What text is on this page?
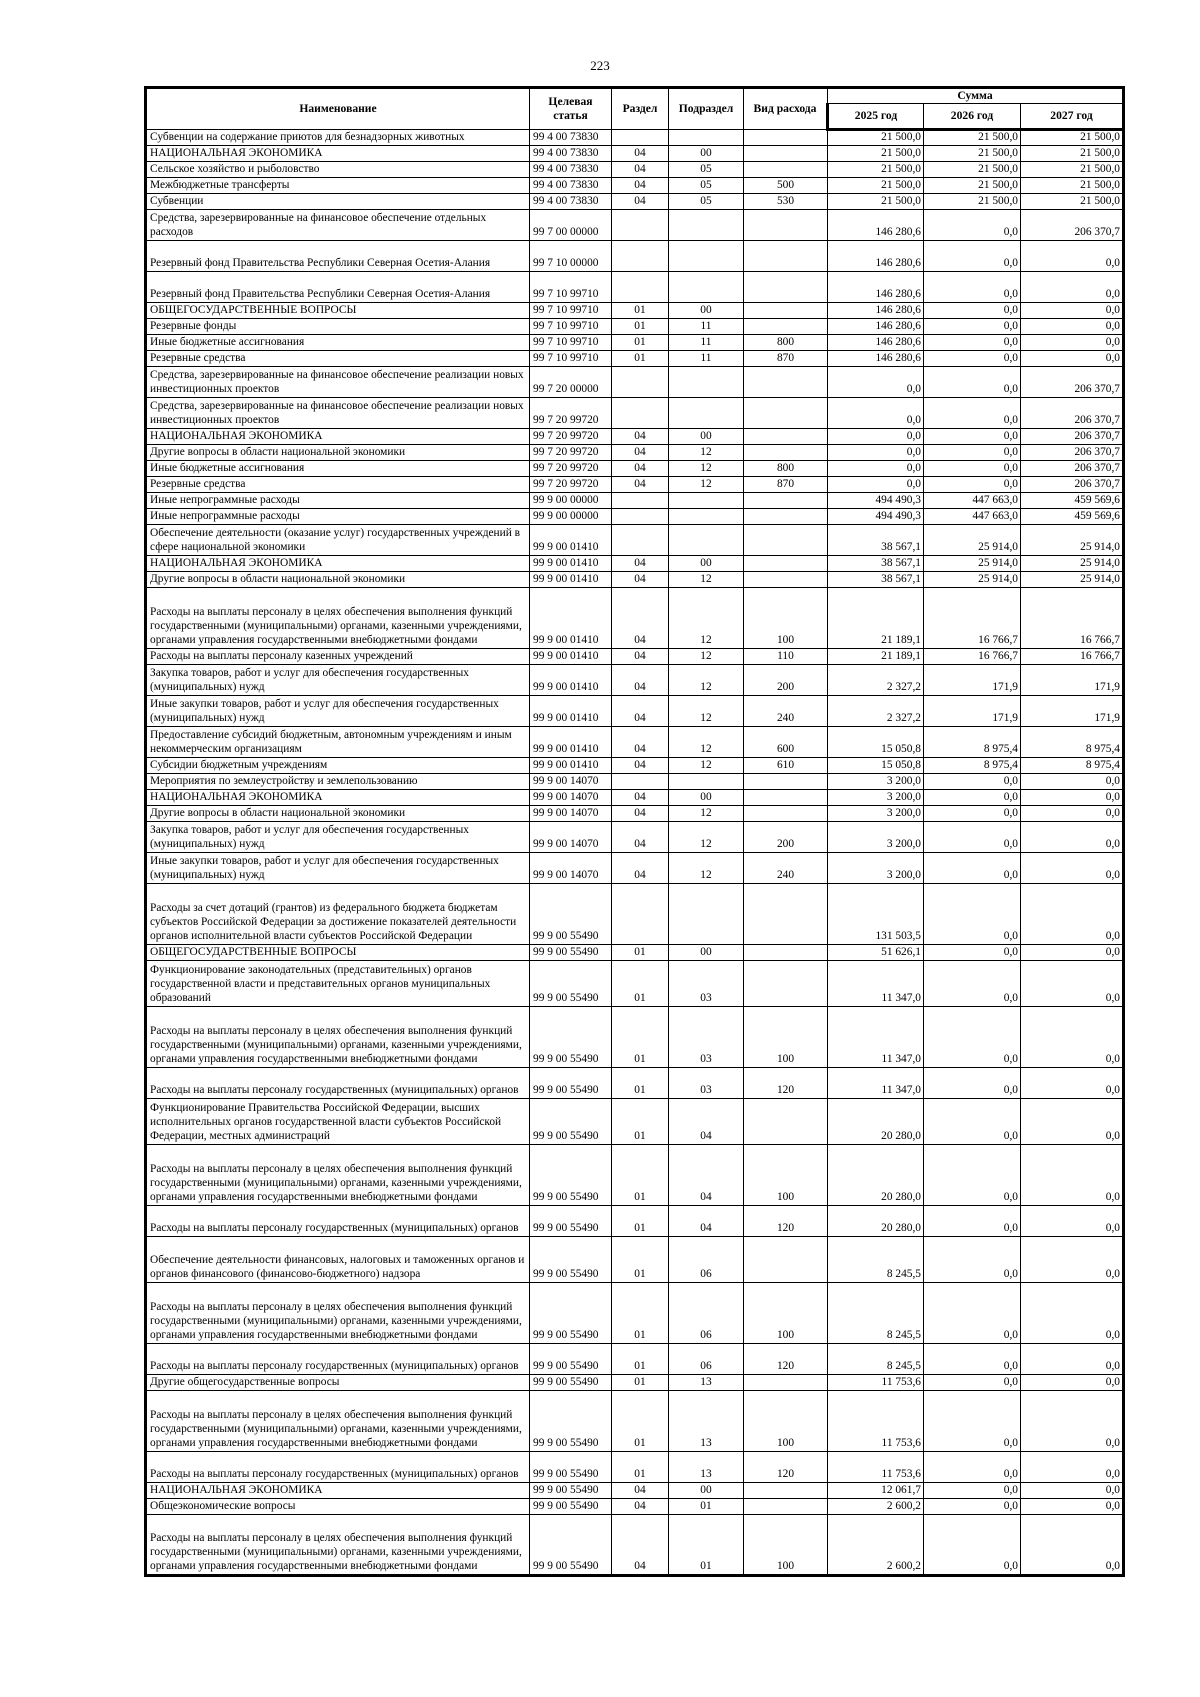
223
Наименование	Целевая статья	Раздел	Подраздел	Вид расхода	Сумма		
					2025 год	2026 год	2027 год
Субвенции на содержание приютов для безнадзорных животных	99 4 00 73830				21 500,0	21 500,0	21 500,0
НАЦИОНАЛЬНАЯ ЭКОНОМИКА	99 4 00 73830	04	00		21 500,0	21 500,0	21 500,0
Сельское хозяйство и рыболовство	99 4 00 73830	04	05		21 500,0	21 500,0	21 500,0
Межбюджетные трансферты	99 4 00 73830	04	05	500	21 500,0	21 500,0	21 500,0
Субвенции	99 4 00 73830	04	05	530	21 500,0	21 500,0	21 500,0
Средства, зарезервированные на финансовое обеспечение отдельных расходов	99 7 00 00000				146 280,6	0,0	206 370,7
Резервный фонд Правительства Республики Северная Осетия-Алания	99 7 10 00000				146 280,6	0,0	0,0
Резервный фонд Правительства Республики Северная Осетия-Алания	99 7 10 99710				146 280,6	0,0	0,0
ОБЩЕГОСУДАРСТВЕННЫЕ ВОПРОСЫ	99 7 10 99710	01	00		146 280,6	0,0	0,0
Резервные фонды	99 7 10 99710	01	11		146 280,6	0,0	0,0
Иные бюджетные ассигнования	99 7 10 99710	01	11	800	146 280,6	0,0	0,0
Резервные средства	99 7 10 99710	01	11	870	146 280,6	0,0	0,0
Средства, зарезервированные на финансовое обеспечение реализации новых инвестиционных проектов	99 7 20 00000				0,0	0,0	206 370,7
Средства, зарезервированные на финансовое обеспечение реализации новых инвестиционных проектов	99 7 20 99720				0,0	0,0	206 370,7
НАЦИОНАЛЬНАЯ ЭКОНОМИКА	99 7 20 99720	04	00		0,0	0,0	206 370,7
Другие вопросы в области национальной экономики	99 7 20 99720	04	12		0,0	0,0	206 370,7
Иные бюджетные ассигнования	99 7 20 99720	04	12	800	0,0	0,0	206 370,7
Резервные средства	99 7 20 99720	04	12	870	0,0	0,0	206 370,7
Иные непрограммные расходы	99 9 00 00000				494 490,3	447 663,0	459 569,6
Иные непрограммные расходы	99 9 00 00000				494 490,3	447 663,0	459 569,6
Обеспечение деятельности (оказание услуг) государственных учреждений в сфере национальной экономики	99 9 00 01410				38 567,1	25 914,0	25 914,0
НАЦИОНАЛЬНАЯ ЭКОНОМИКА	99 9 00 01410	04	00		38 567,1	25 914,0	25 914,0
Другие вопросы в области национальной экономики	99 9 00 01410	04	12		38 567,1	25 914,0	25 914,0
Расходы на выплаты персоналу в целях обеспечения выполнения функций государственными (муниципальными) органами, казенными учреждениями, органами управления государственными внебюджетными фондами	99 9 00 01410	04	12	100	21 189,1	16 766,7	16 766,7
Расходы на выплаты персоналу казенных учреждений	99 9 00 01410	04	12	110	21 189,1	16 766,7	16 766,7
Закупка товаров, работ и услуг для обеспечения государственных (муниципальных) нужд	99 9 00 01410	04	12	200	2 327,2	171,9	171,9
Иные закупки товаров, работ и услуг для обеспечения государственных (муниципальных) нужд	99 9 00 01410	04	12	240	2 327,2	171,9	171,9
Предоставление субсидий бюджетным, автономным учреждениям и иным некоммерческим организациям	99 9 00 01410	04	12	600	15 050,8	8 975,4	8 975,4
Субсидии бюджетным учреждениям	99 9 00 01410	04	12	610	15 050,8	8 975,4	8 975,4
Мероприятия по землеустройству и землепользованию	99 9 00 14070				3 200,0	0,0	0,0
НАЦИОНАЛЬНАЯ ЭКОНОМИКА	99 9 00 14070	04	00		3 200,0	0,0	0,0
Другие вопросы в области национальной экономики	99 9 00 14070	04	12		3 200,0	0,0	0,0
Закупка товаров, работ и услуг для обеспечения государственных (муниципальных) нужд	99 9 00 14070	04	12	200	3 200,0	0,0	0,0
Иные закупки товаров, работ и услуг для обеспечения государственных (муниципальных) нужд	99 9 00 14070	04	12	240	3 200,0	0,0	0,0
Расходы за счет дотаций (грантов) из федерального бюджета бюджетам субъектов Российской Федерации за достижение показателей деятельности органов исполнительной власти субъектов Российской Федерации	99 9 00 55490				131 503,5	0,0	0,0
ОБЩЕГОСУДАРСТВЕННЫЕ ВОПРОСЫ	99 9 00 55490	01	00		51 626,1	0,0	0,0
Функционирование законодательных (представительных) органов государственной власти и представительных органов муниципальных образований	99 9 00 55490	01	03		11 347,0	0,0	0,0
Расходы на выплаты персоналу в целях обеспечения выполнения функций государственными (муниципальными) органами, казенными учреждениями, органами управления государственными внебюджетными фондами	99 9 00 55490	01	03	100	11 347,0	0,0	0,0
Расходы на выплаты персоналу государственных (муниципальных) органов	99 9 00 55490	01	03	120	11 347,0	0,0	0,0
Функционирование Правительства Российской Федерации, высших исполнительных органов государственной власти субъектов Российской Федерации, местных администраций	99 9 00 55490	01	04		20 280,0	0,0	0,0
Расходы на выплаты персоналу в целях обеспечения выполнения функций государственными (муниципальными) органами, казенными учреждениями, органами управления государственными внебюджетными фондами	99 9 00 55490	01	04	100	20 280,0	0,0	0,0
Расходы на выплаты персоналу государственных (муниципальных) органов	99 9 00 55490	01	04	120	20 280,0	0,0	0,0
Обеспечение деятельности финансовых, налоговых и таможенных органов и органов финансового (финансово-бюджетного) надзора	99 9 00 55490	01	06		8 245,5	0,0	0,0
Расходы на выплаты персоналу в целях обеспечения выполнения функций государственными (муниципальными) органами, казенными учреждениями, органами управления государственными внебюджетными фондами	99 9 00 55490	01	06	100	8 245,5	0,0	0,0
Расходы на выплаты персоналу государственных (муниципальных) органов	99 9 00 55490	01	06	120	8 245,5	0,0	0,0
Другие общегосударственные вопросы	99 9 00 55490	01	13		11 753,6	0,0	0,0
Расходы на выплаты персоналу в целях обеспечения выполнения функций государственными (муниципальными) органами, казенными учреждениями, органами управления государственными внебюджетными фондами	99 9 00 55490	01	13	100	11 753,6	0,0	0,0
Расходы на выплаты персоналу государственных (муниципальных) органов	99 9 00 55490	01	13	120	11 753,6	0,0	0,0
НАЦИОНАЛЬНАЯ ЭКОНОМИКА	99 9 00 55490	04	00		12 061,7	0,0	0,0
Общеэкономические вопросы	99 9 00 55490	04	01		2 600,2	0,0	0,0
Расходы на выплаты персоналу в целях обеспечения выполнения функций государственными (муниципальными) органами, казенными учреждениями, органами управления государственными внебюджетными фондами	99 9 00 55490	04	01	100	2 600,2	0,0	0,0
